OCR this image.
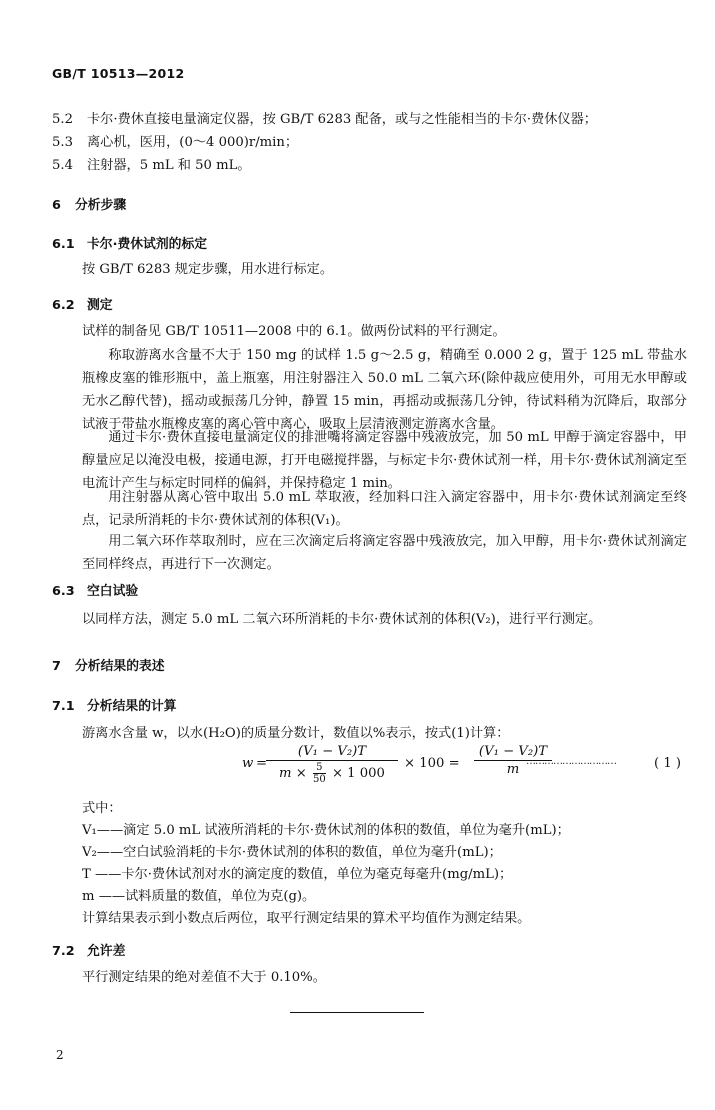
GB/T 10513—2012
5.2 卡尔·费休直接电量滴定仪器，按 GB/T 6283 配备，或与之性能相当的卡尔·费休仪器；
5.3 离心机，医用，(0～4 000)r/min；
5.4 注射器，5 mL 和 50 mL。
6 分析步骤
6.1 卡尔·费休试剂的标定
按 GB/T 6283 规定步骤，用水进行标定。
6.2 测定
试样的制备见 GB/T 10511—2008 中的 6.1。做两份试料的平行测定。
称取游离水含量不大于 150 mg 的试样 1.5 g～2.5 g，精确至 0.000 2 g，置于 125 mL 带盐水瓶橡皮塞的锥形瓶中，盖上瓶塞，用注射器注入 50.0 mL 二氧六环(除仲裁应使用外，可用无水甲醇或无水乙醇代替)，摇动或振荡几分钟，静置 15 min，再摇动或振荡几分钟，待试料稍为沉降后，取部分试液于带盐水瓶橡皮塞的离心管中离心，吸取上层清液测定游离水含量。
通过卡尔·费休直接电量滴定仪的排泄嘴将滴定容器中残液放完，加 50 mL 甲醇于滴定容器中，甲醇量应足以淹没电极，接通电源，打开电磁搅拌器，与标定卡尔·费休试剂一样，用卡尔·费休试剂滴定至电流计产生与标定时同样的偏斜，并保持稳定 1 min。
用注射器从离心管中取出 5.0 mL 萃取液，经加料口注入滴定容器中，用卡尔·费休试剂滴定至终点，记录所消耗的卡尔·费休试剂的体积(V₁)。
用二氧六环作萃取剂时，应在三次滴定后将滴定容器中残液放完，加入甲醇，用卡尔·费休试剂滴定至同样终点，再进行下一次测定。
6.3 空白试验
以同样方法，测定 5.0 mL 二氧六环所消耗的卡尔·费休试剂的体积(V₂)，进行平行测定。
7 分析结果的表述
7.1 分析结果的计算
游离水含量 w，以水(H₂O)的质量分数计，数值以%表示，按式(1)计算：
w =
(V₁ − V₂)T
$m \times \frac{5}{50} \times 1$ 000
× $100 = \frac{\text{(V₁ − V₂)T}}{m}$
…………………………	( 1 )
式中：
V₁——滴定 5.0 mL 试液所消耗的卡尔·费休试剂的体积的数值，单位为毫升(mL)；
V₂——空白试验消耗的卡尔·费休试剂的体积的数值，单位为毫升(mL)；
T ——卡尔·费休试剂对水的滴定度的数值，单位为毫克每毫升(mg/mL)；
m ——试料质量的数值，单位为克(g)。
计算结果表示到小数点后两位，取平行测定结果的算术平均值作为测定结果。
7.2 允许差
平行测定结果的绝对差值不大于 0.10%。
2
